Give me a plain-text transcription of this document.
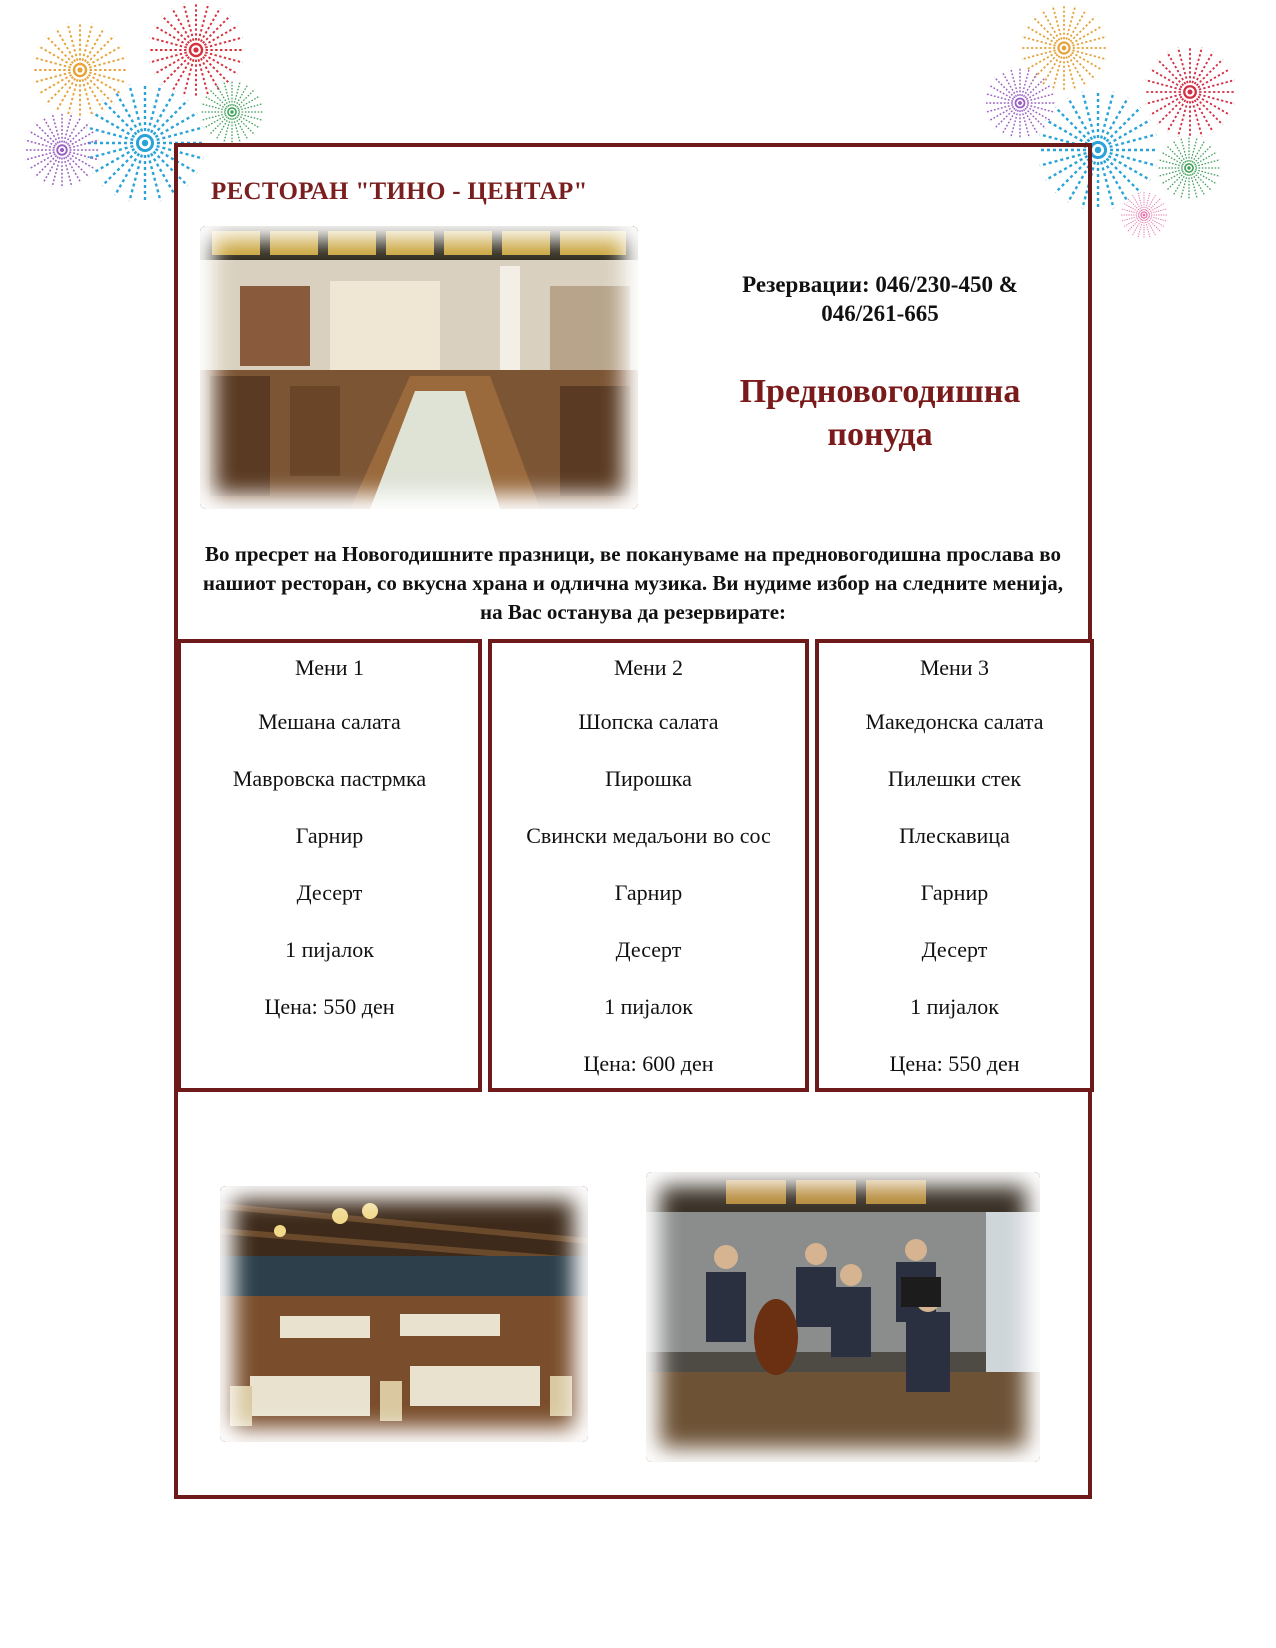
РЕСТОРАН "ТИНО - ЦЕНТАР"
Резервации: 046/230-450 & 046/261-665
Предновогодишна понуда
Во пресрет на Новогодишните празници, ве покануваме на предновогодишна прослава во нашиот ресторан, со вкусна храна и одлична музика. Ви нудиме избор на следните менија, на Вас останува да резервирате:
Мени 1
Мешана салата
Мавровска пастрмка
Гарнир
Десерт
1 пијалок
Цена: 550 ден
Мени 2
Шопска салата
Пирошка
Свински медаљони во сос
Гарнир
Десерт
1 пијалок
Цена: 600 ден
Мени 3
Македонска салата
Пилешки стек
Плескавица
Гарнир
Десерт
1 пијалок
Цена: 550 ден
